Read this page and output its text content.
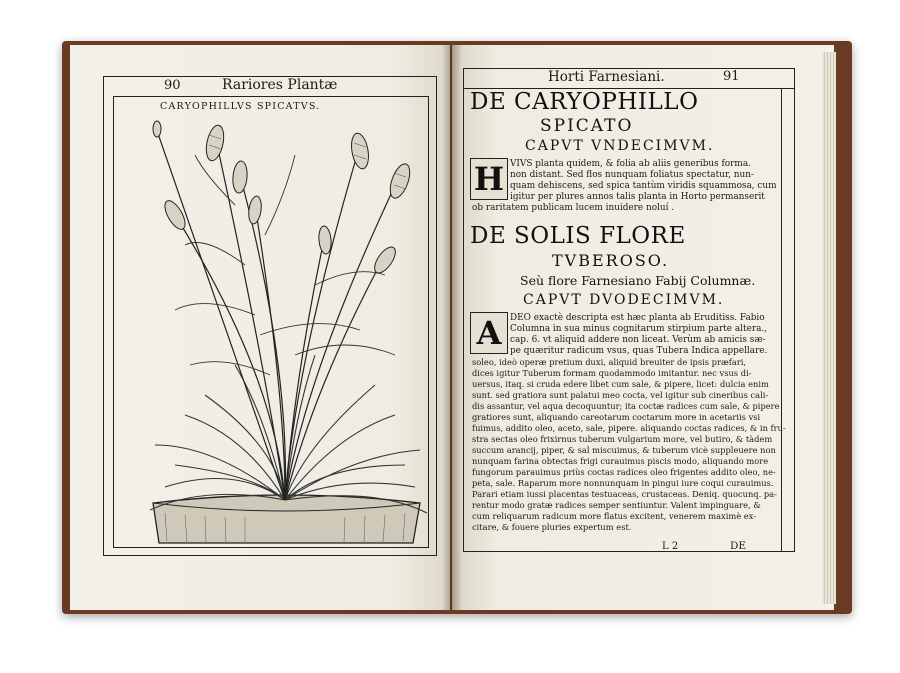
90	Rariores Plantæ
CARYOPHILLVS SPICATVS.
Horti Farnesiani.	91
DE CARYOPHILLO
SPICATO
CAPVT VNDECIMVM.
H VIVS planta quidem, & folia ab aliis generibus forma.
non distant. Sed flos nunquam foliatus spectatur, nun-
quam dehiscens, sed spica tantùm viridis squammosa, cum
igitur per plures annos talis planta in Horto permanserit
ob raritatem publicam lucem inuidere noluí .
DE SOLIS FLORE
TVBEROSO.
Seù flore Farnesiano Fabij Columnæ.
CAPVT DVODECIMVM.
A DEO exactè descripta est hæc planta ab Eruditiss. Fabio
Columna in sua minus cognitarum stirpium parte altera.,
cap. 6. vt aliquid addere non liceat. Verùm ab amicis sæ-
pe quæritur radicum vsus, quas Tubera Indica appellare.
soleo, ideò operæ pretium duxi, aliquid breuiter de ipsis præfari,
dices igitur Tuberum formam quodammodo imitantur. nec vsus di-
uersus, itaq. si cruda edere libet cum sale, & pipere, licet: dulcia enim
sunt. sed gratiora sunt palatui meo cocta, vel igitur sub cineribus cali-
dis assantur, vel aqua decoquuntur; ita coctæ radices cum sale, & pipere
gratiores sunt, aliquando careotarum coctarum more in acetariis vsi
fuimus, addito oleo, aceto, sale, pipere. aliquando coctas radices, & in fru-
stra sectas oleo frixirnus tuberum vulgarium more, vel butiro, & tàdem
succum arancij, piper, & sal miscuimus, & tuberum vicè suppleuere non
nunquam farina obtectas frigi curauimus piscis modo, aliquando more
fungorum parauimus priùs coctas radices oleo frigentes addito oleo, ne-
peta, sale. Raparum more nonnunquam in pingui iure coqui curauimus.
Parari etiam iussi placentas testuaceas, crustaceas. Deniq. quocunq. pa-
rentur modo gratæ radices semper sentiuntur. Valent impinguare, &
cum reliquarum radicum more flatus excitent, venerem maximè ex-
citare, & fouere pluries expertum est.
L 2	DE
